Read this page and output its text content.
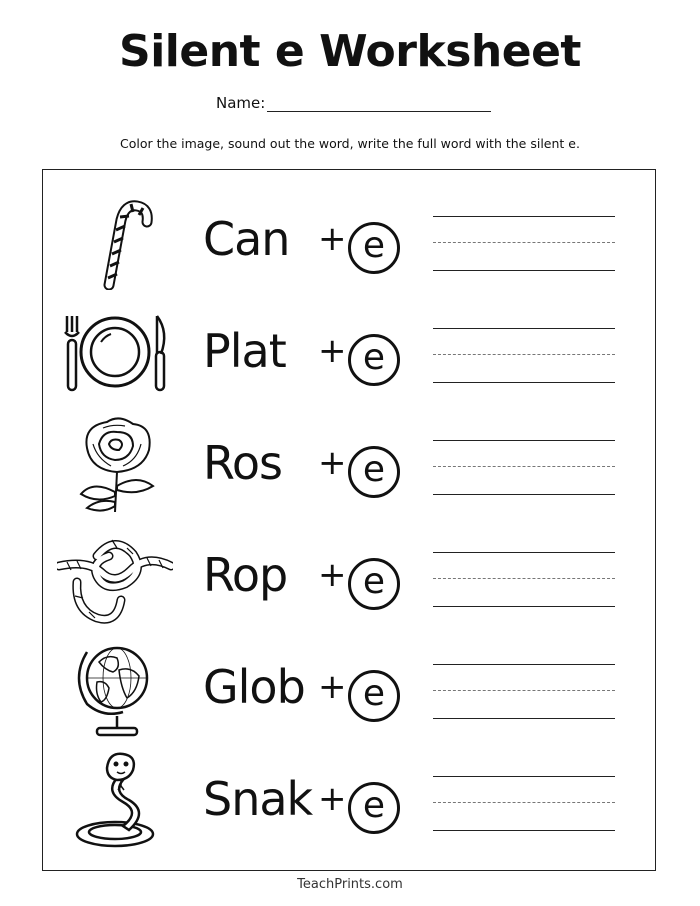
Silent e Worksheet
Name:
Color the image, sound out the word, write the full word with the silent e.
Can + e
Plat + e
Ros + e
Rop + e
Glob + e
Snak + e
TeachPrints.com
